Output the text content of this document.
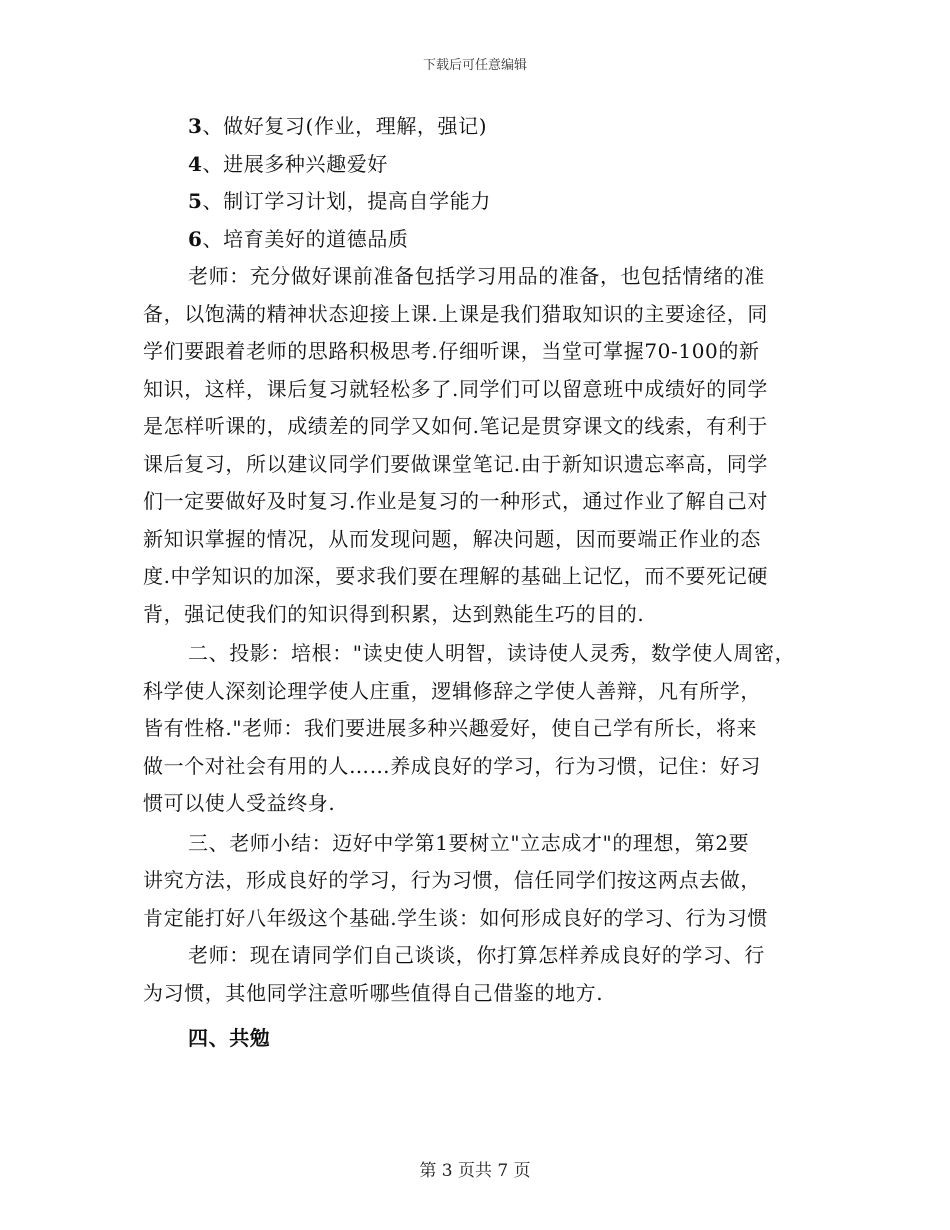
下载后可任意编辑
3、做好复习(作业，理解，强记)
4、进展多种兴趣爱好
5、制订学习计划，提高自学能力
6、培育美好的道德品质
老师：充分做好课前准备包括学习用品的准备，也包括情绪的准
备，以饱满的精神状态迎接上课.上课是我们猎取知识的主要途径，同
学们要跟着老师的思路积极思考.仔细听课，当堂可掌握70-100的新
知识，这样，课后复习就轻松多了.同学们可以留意班中成绩好的同学
是怎样听课的，成绩差的同学又如何.笔记是贯穿课文的线索，有利于
课后复习，所以建议同学们要做课堂笔记.由于新知识遗忘率高，同学
们一定要做好及时复习.作业是复习的一种形式，通过作业了解自己对
新知识掌握的情况，从而发现问题，解决问题，因而要端正作业的态
度.中学知识的加深，要求我们要在理解的基础上记忆，而不要死记硬
背，强记使我们的知识得到积累，达到熟能生巧的目的.
二、投影：培根："读史使人明智，读诗使人灵秀，数学使人周密，
科学使人深刻论理学使人庄重，逻辑修辞之学使人善辩，凡有所学，
皆有性格."老师：我们要进展多种兴趣爱好，使自己学有所长，将来
做一个对社会有用的人……养成良好的学习，行为习惯，记住：好习
惯可以使人受益终身.
三、老师小结：迈好中学第1要树立"立志成才"的理想，第2要
讲究方法，形成良好的学习，行为习惯，信任同学们按这两点去做，
肯定能打好八年级这个基础.学生谈：如何形成良好的学习、行为习惯
老师：现在请同学们自己谈谈，你打算怎样养成良好的学习、行
为习惯，其他同学注意听哪些值得自己借鉴的地方.
四、共勉
第 3 页共 7 页
